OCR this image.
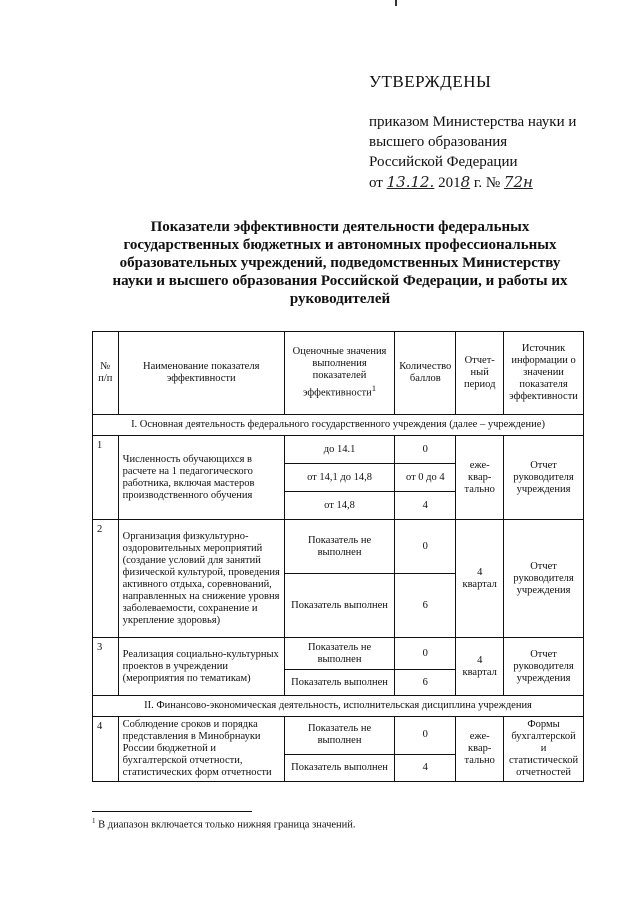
УТВЕРЖДЕНЫ
приказом Министерства науки и
высшего образования
Российской Федерации
от 13.12. 2018 г. № 72н
Показатели эффективности деятельности федеральных государственных бюджетных и автономных профессиональных образовательных учреждений, подведомственных Министерству науки и высшего образования Российской Федерации, и работы их руководителей
№ п/п	Наименование показателя эффективности	Оценочные значения выполнения показателей эффективности$^1$	Количество баллов	Отчет-ный период	Источник информации о значении показателя эффективности
I. Основная деятельность федерального государственного учреждения (далее – учреждение)					
1	Численность обучающихся в расчете на 1 педагогического работника, включая мастеров производственного обучения	до 14.1	0	еже-квар-тально	Отчет руководителя учреждения
		от 14,1 до 14,8	от 0 до 4		
		от 14,8	4		
2	Организация физкультурно-оздоровительных мероприятий (создание условий для занятий физической культурой, проведения активного отдыха, соревнований, направленных на снижение уровня заболеваемости, сохранение и укрепление здоровья)	Показатель не выполнен	0	4 квартал	Отчет руководителя учреждения
		Показатель выполнен	6		
3	Реализация социально-культурных проектов в учреждении (мероприятия по тематикам)	Показатель не выполнен	0	4 квартал	Отчет руководителя учреждения
		Показатель выполнен	6		
II. Финансово-экономическая деятельность, исполнительская дисциплина учреждения					
4	Соблюдение сроков и порядка представления в Минобрнауки России бюджетной и бухгалтерской отчетности, статистических форм отчетности	Показатель не выполнен	0	еже-квар-тально	Формы бухгалтерской и статистической отчетностей
		Показатель выполнен	4		
$^1$ В диапазон включается только нижняя граница значений.
